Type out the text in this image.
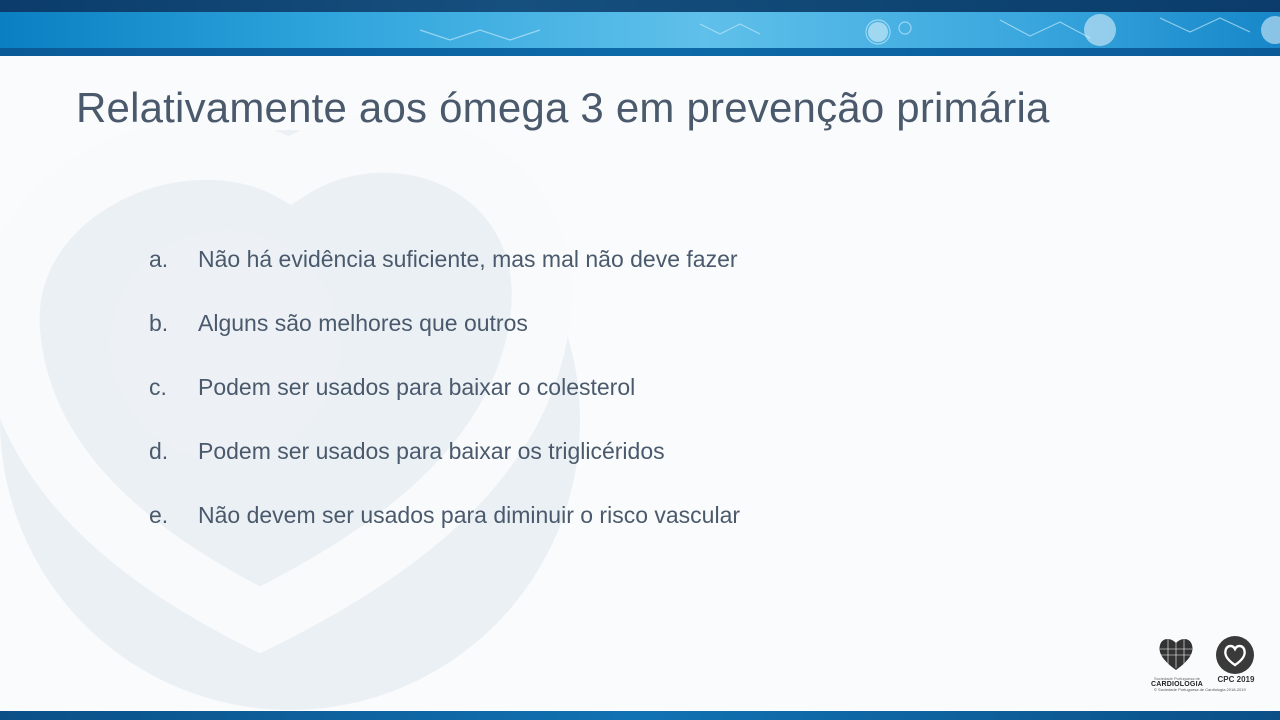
Relativamente aos ómega 3 em prevenção primária
a.	Não há evidência suficiente, mas mal não deve fazer
b.	Alguns são melhores que outros
c.	Podem ser usados para baixar o colesterol
d.	Podem ser usados para baixar os triglicéridos
e.	Não devem ser usados para diminuir o risco vascular
Sociedade Portuguesa de
CARDIOLOGIA
CPC 2019
© Sociedade Portuguesa de Cardiologia 2018-2019
